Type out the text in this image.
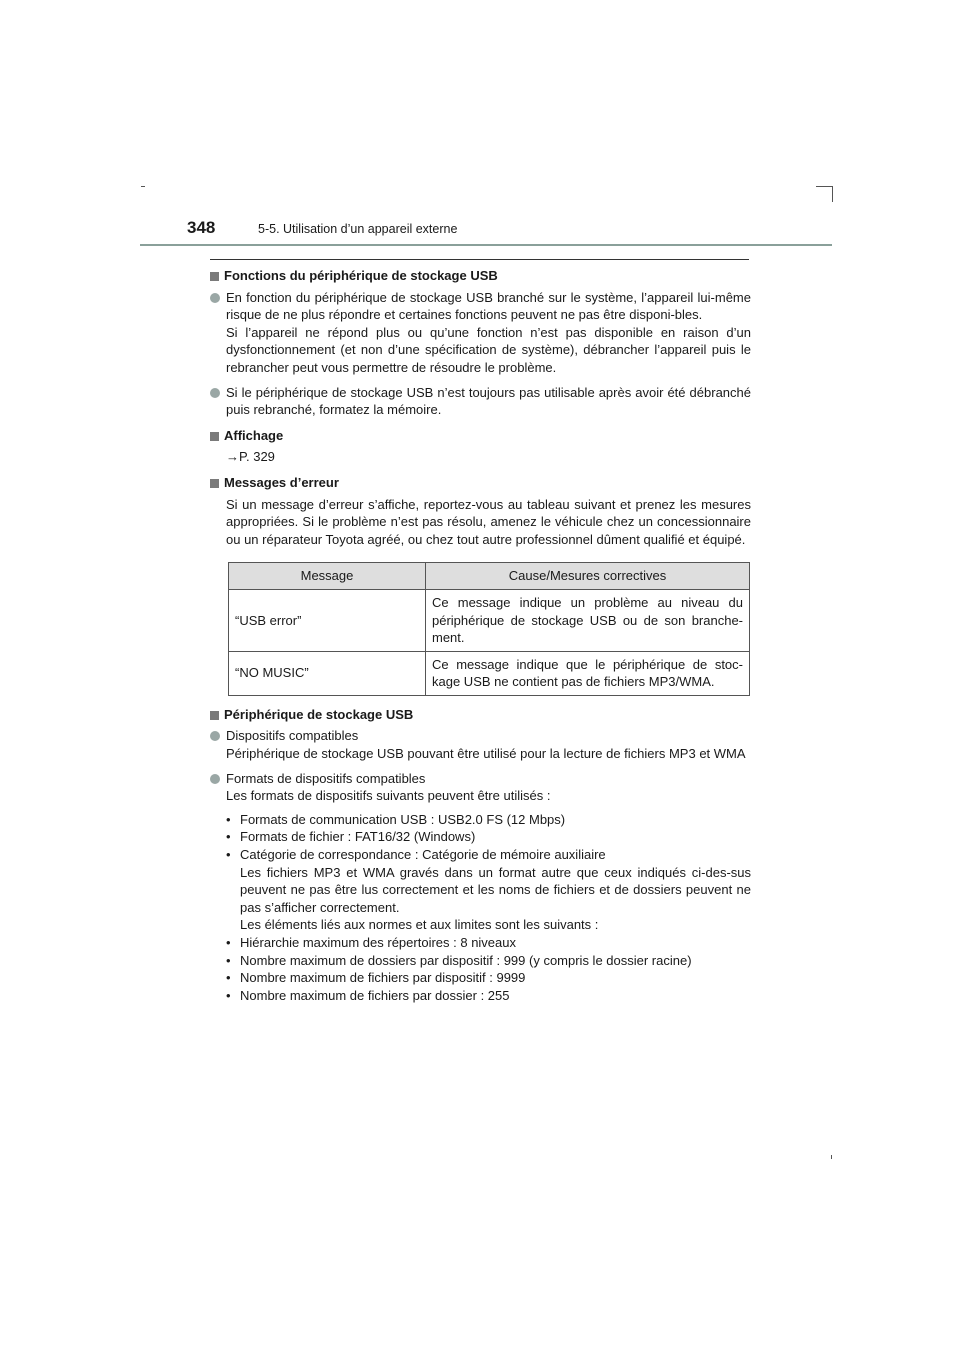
348	5-5. Utilisation d’un appareil externe
Fonctions du périphérique de stockage USB

En fonction du périphérique de stockage USB branché sur le système, l’appareil lui-même risque de ne plus répondre et certaines fonctions peuvent ne pas être disponi-bles.

Si l’appareil ne répond plus ou qu’une fonction n’est pas disponible en raison d’un dysfonctionnement (et non d’une spécification de système), débrancher l’appareil puis le rebrancher peut vous permettre de résoudre le problème.

Si le périphérique de stockage USB n’est toujours pas utilisable après avoir été débranché puis rebranché, formatez la mémoire.

Affichage
→P. 329
Messages d’erreur

Si un message d’erreur s’affiche, reportez-vous au tableau suivant et prenez les mesures appropriées. Si le problème n’est pas résolu, amenez le véhicule chez un concessionnaire ou un réparateur Toyota agréé, ou chez tout autre professionnel dûment qualifié et équipé.

Message	Cause/Mesures correctives
“USB error”	Ce message indique un problème au niveau du périphérique de stockage USB ou de son branche-ment.
“NO MUSIC”	Ce message indique que le périphérique de stoc-kage USB ne contient pas de fichiers MP3/WMA.
Périphérique de stockage USB

Dispositifs compatibles

Périphérique de stockage USB pouvant être utilisé pour la lecture de fichiers MP3 et WMA

Formats de dispositifs compatibles

Les formats de dispositifs suivants peuvent être utilisés :

• Formats de communication USB : USB2.0 FS (12 Mbps)
• Formats de fichier : FAT16/32 (Windows)
• Catégorie de correspondance : Catégorie de mémoire auxiliaire

Les fichiers MP3 et WMA gravés dans un format autre que ceux indiqués ci-des-sus peuvent ne pas être lus correctement et les noms de fichiers et de dossiers peuvent ne pas s’afficher correctement.

Les éléments liés aux normes et aux limites sont les suivants :

• Hiérarchie maximum des répertoires : 8 niveaux
• Nombre maximum de dossiers par dispositif : 999 (y compris le dossier racine)
• Nombre maximum de fichiers par dispositif : 9999
• Nombre maximum de fichiers par dossier : 255
